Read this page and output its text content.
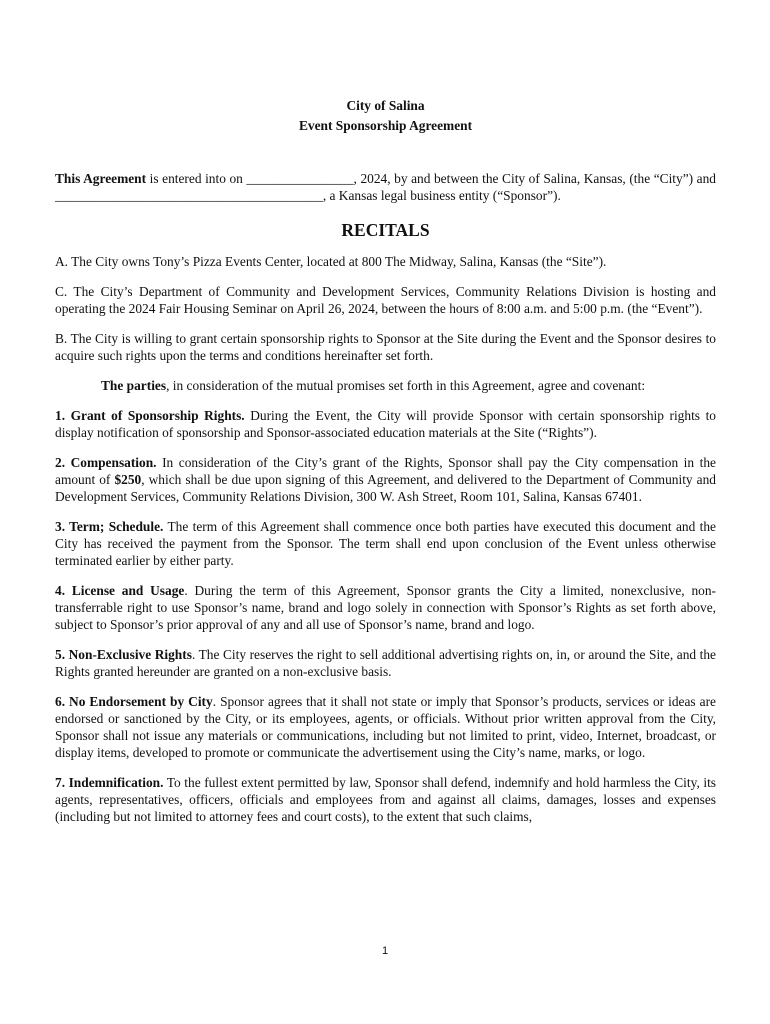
City of Salina
Event Sponsorship Agreement

This Agreement is entered into on ________________, 2024, by and between the City of Salina, Kansas, (the “City”) and ________________________________________, a Kansas legal business entity (“Sponsor”).

RECITALS

A. The City owns Tony’s Pizza Events Center, located at 800 The Midway, Salina, Kansas (the “Site”).

C. The City’s Department of Community and Development Services, Community Relations Division is hosting and operating the 2024 Fair Housing Seminar on April 26, 2024, between the hours of 8:00 a.m. and 5:00 p.m. (the “Event”).

B. The City is willing to grant certain sponsorship rights to Sponsor at the Site during the Event and the Sponsor desires to acquire such rights upon the terms and conditions hereinafter set forth.

The parties, in consideration of the mutual promises set forth in this Agreement, agree and covenant:

1. Grant of Sponsorship Rights. During the Event, the City will provide Sponsor with certain sponsorship rights to display notification of sponsorship and Sponsor-associated education materials at the Site (“Rights”).

2. Compensation. In consideration of the City’s grant of the Rights, Sponsor shall pay the City compensation in the amount of $250, which shall be due upon signing of this Agreement, and delivered to the Department of Community and Development Services, Community Relations Division, 300 W. Ash Street, Room 101, Salina, Kansas 67401.

3. Term; Schedule. The term of this Agreement shall commence once both parties have executed this document and the City has received the payment from the Sponsor. The term shall end upon conclusion of the Event unless otherwise terminated earlier by either party.

4. License and Usage. During the term of this Agreement, Sponsor grants the City a limited, nonexclusive, non-transferrable right to use Sponsor’s name, brand and logo solely in connection with Sponsor’s Rights as set forth above, subject to Sponsor’s prior approval of any and all use of Sponsor’s name, brand and logo.

5. Non-Exclusive Rights. The City reserves the right to sell additional advertising rights on, in, or around the Site, and the Rights granted hereunder are granted on a non-exclusive basis.

6. No Endorsement by City. Sponsor agrees that it shall not state or imply that Sponsor’s products, services or ideas are endorsed or sanctioned by the City, or its employees, agents, or officials. Without prior written approval from the City, Sponsor shall not issue any materials or communications, including but not limited to print, video, Internet, broadcast, or display items, developed to promote or communicate the advertisement using the City’s name, marks, or logo.

7. Indemnification. To the fullest extent permitted by law, Sponsor shall defend, indemnify and hold harmless the City, its agents, representatives, officers, officials and employees from and against all claims, damages, losses and expenses (including but not limited to attorney fees and court costs), to the extent that such claims,

1
